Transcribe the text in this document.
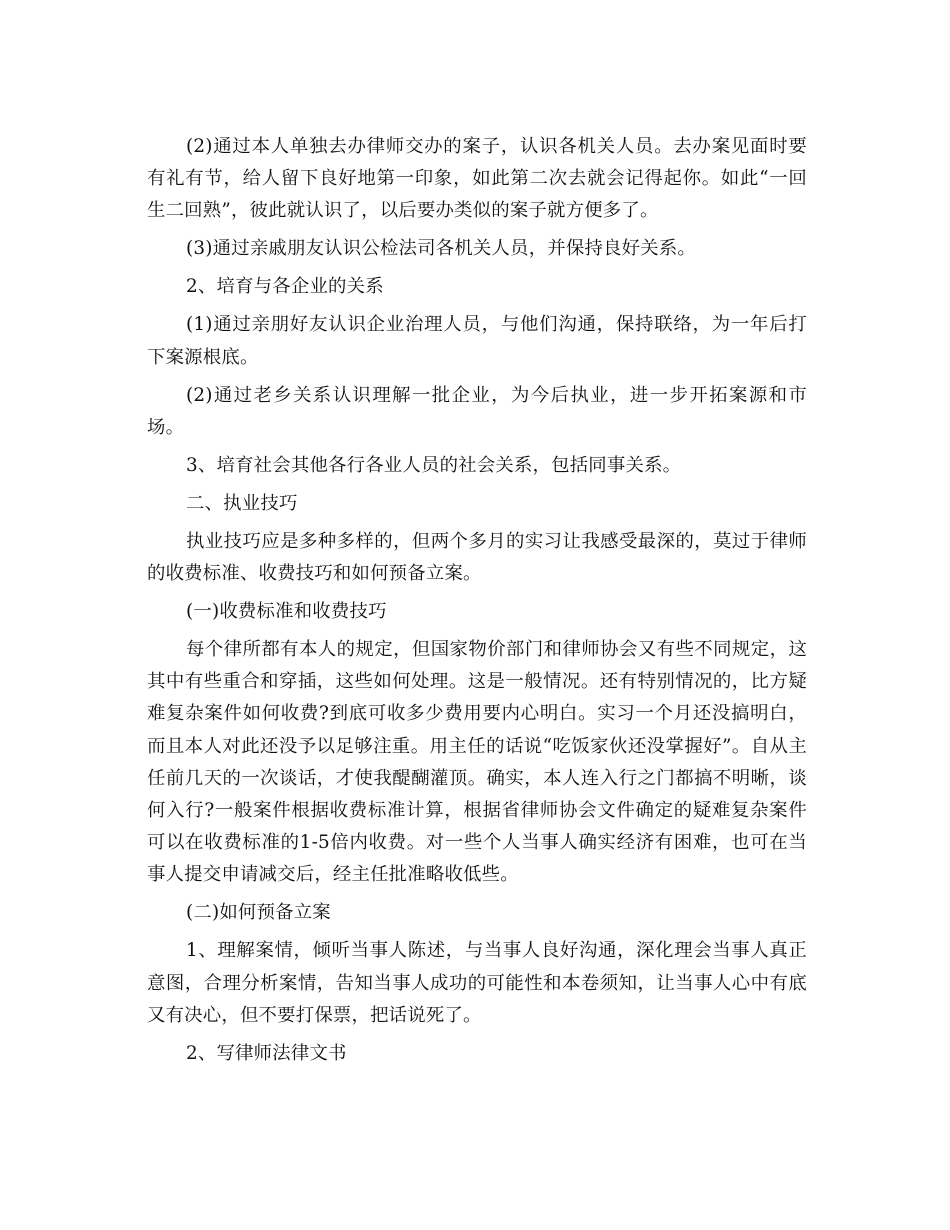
(2)通过本人单独去办律师交办的案子，认识各机关人员。去办案见面时要有礼有节，给人留下良好地第一印象，如此第二次去就会记得起你。如此“一回生二回熟”，彼此就认识了，以后要办类似的案子就方便多了。

(3)通过亲戚朋友认识公检法司各机关人员，并保持良好关系。

2、培育与各企业的关系

(1)通过亲朋好友认识企业治理人员，与他们沟通，保持联络，为一年后打下案源根底。

(2)通过老乡关系认识理解一批企业，为今后执业，进一步开拓案源和市场。

3、培育社会其他各行各业人员的社会关系，包括同事关系。

二、执业技巧

执业技巧应是多种多样的，但两个多月的实习让我感受最深的，莫过于律师的收费标准、收费技巧和如何预备立案。

(一)收费标准和收费技巧

每个律所都有本人的规定，但国家物价部门和律师协会又有些不同规定，这其中有些重合和穿插，这些如何处理。这是一般情况。还有特别情况的，比方疑难复杂案件如何收费?到底可收多少费用要内心明白。实习一个月还没搞明白，而且本人对此还没予以足够注重。用主任的话说“吃饭家伙还没掌握好”。自从主任前几天的一次谈话，才使我醍醐灌顶。确实，本人连入行之门都搞不明晰，谈何入行?一般案件根据收费标准计算，根据省律师协会文件确定的疑难复杂案件可以在收费标准的1-5倍内收费。对一些个人当事人确实经济有困难，也可在当事人提交申请减交后，经主任批准略收低些。

(二)如何预备立案

1、理解案情，倾听当事人陈述，与当事人良好沟通，深化理会当事人真正意图，合理分析案情，告知当事人成功的可能性和本卷须知，让当事人心中有底又有决心，但不要打保票，把话说死了。

2、写律师法律文书
